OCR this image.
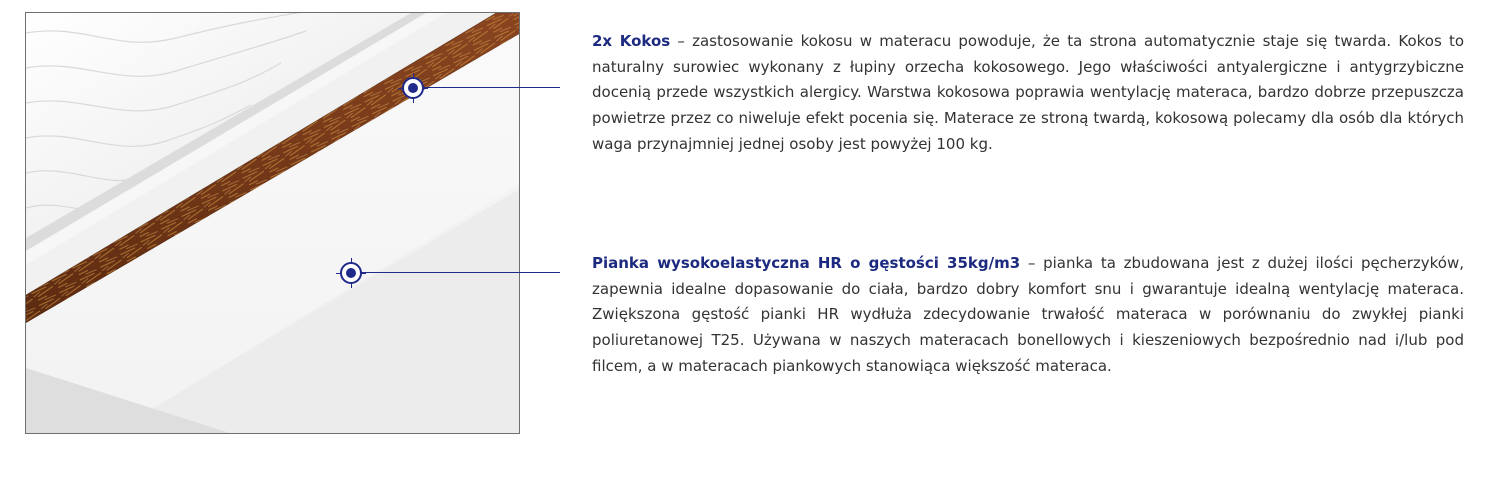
2x Kokos – zastosowanie kokosu w materacu powoduje, że ta strona automatycznie staje się twarda. Kokos to naturalny surowiec wykonany z łupiny orzecha kokosowego. Jego właściwości antyalergiczne i antygrzybiczne docenią przede wszystkich alergicy. Warstwa kokosowa poprawia wentylację materaca, bardzo dobrze przepuszcza powietrze przez co niweluje efekt pocenia się. Materace ze stroną twardą, kokosową polecamy dla osób dla których waga przynajmniej jednej osoby jest powyżej 100 kg.
Pianka wysokoelastyczna HR o gęstości 35kg/m3 – pianka ta zbudowana jest z dużej ilości pęcherzyków, zapewnia idealne dopasowanie do ciała, bardzo dobry komfort snu i gwarantuje idealną wentylację materaca. Zwiększona gęstość pianki HR wydłuża zdecydowanie trwałość materaca w porównaniu do zwykłej pianki poliuretanowej T25. Używana w naszych materacach bonellowych i kieszeniowych bezpośrednio nad i/lub pod filcem, a w materacach piankowych stanowiąca większość materaca.
